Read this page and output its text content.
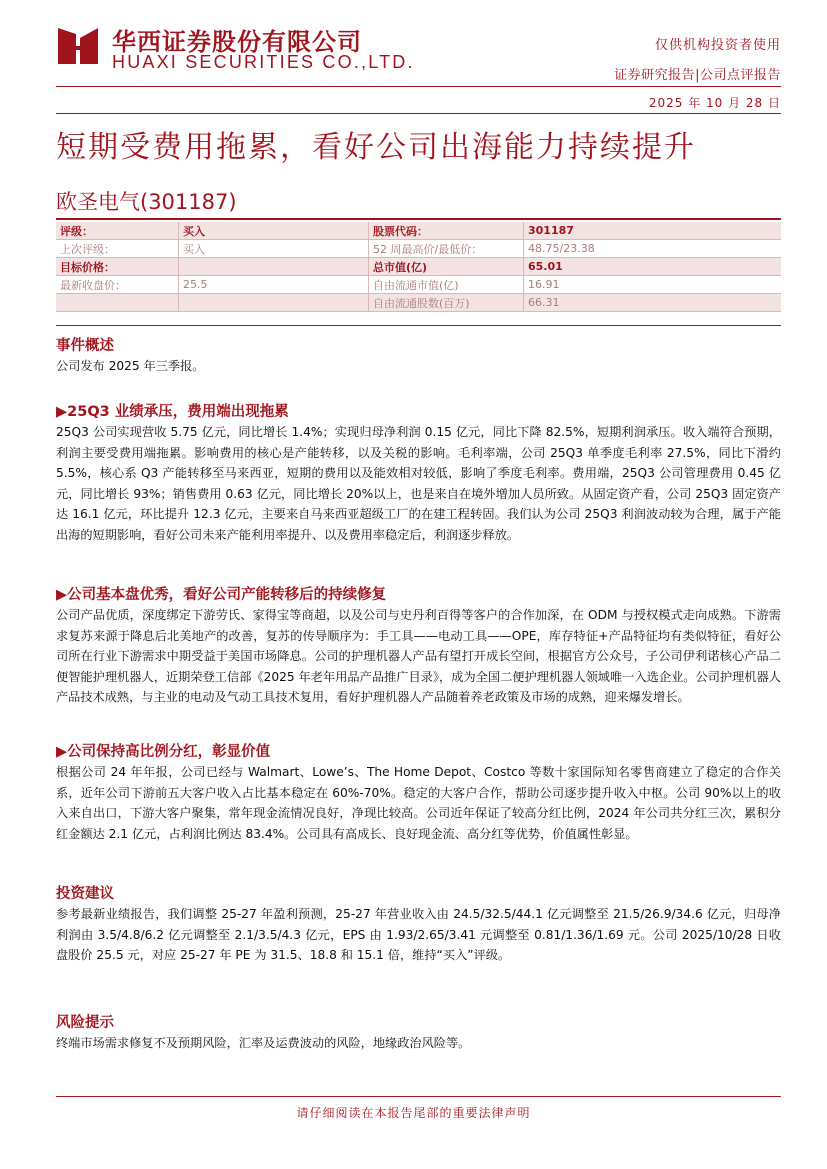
华西证券股份有限公司
HUAXI SECURITIES CO.,LTD.
仅供机构投资者使用
证券研究报告|公司点评报告
2025 年 10 月 28 日
短期受费用拖累，看好公司出海能力持续提升
欧圣电气(301187)
评级：	买入	股票代码：	301187
上次评级：	买入	52 周最高价/最低价：	48.75/23.38
目标价格：		总市值(亿)	65.01
最新收盘价：	25.5	自由流通市值(亿)	16.91
		自由流通股数(百万)	66.31
事件概述

公司发布 2025 年三季报。

▶25Q3 业绩承压，费用端出现拖累

25Q3 公司实现营收 5.75 亿元，同比增长 1.4%；实现归母净利润 0.15 亿元，同比下降 82.5%，短期利润承压。收入端符合预期，利润主要受费用端拖累。影响费用的核心是产能转移，以及关税的影响。毛利率端，公司 25Q3 单季度毛利率 27.5%，同比下滑约 5.5%，核心系 Q3 产能转移至马来西亚，短期的费用以及能效相对较低，影响了季度毛利率。费用端，25Q3 公司管理费用 0.45 亿元，同比增长 93%；销售费用 0.63 亿元，同比增长 20%以上，也是来自在境外增加人员所致。从固定资产看，公司 25Q3 固定资产达 16.1 亿元，环比提升 12.3 亿元，主要来自马来西亚超级工厂的在建工程转固。我们认为公司 25Q3 利润波动较为合理，属于产能出海的短期影响，看好公司未来产能利用率提升、以及费用率稳定后，利润逐步释放。

▶公司基本盘优秀，看好公司产能转移后的持续修复

公司产品优质，深度绑定下游劳氏、家得宝等商超，以及公司与史丹利百得等客户的合作加深，在 ODM 与授权模式走向成熟。下游需求复苏来源于降息后北美地产的改善，复苏的传导顺序为：手工具——电动工具——OPE，库存特征+产品特征均有类似特征，看好公司所在行业下游需求中期受益于美国市场降息。公司的护理机器人产品有望打开成长空间，根据官方公众号，子公司伊利诺核心产品二便智能护理机器人，近期荣登工信部《2025 年老年用品产品推广目录》，成为全国二便护理机器人领域唯一入选企业。公司护理机器人产品技术成熟，与主业的电动及气动工具技术复用，看好护理机器人产品随着养老政策及市场的成熟，迎来爆发增长。

▶公司保持高比例分红，彰显价值

根据公司 24 年年报，公司已经与 Walmart、Lowe’s、The Home Depot、Costco 等数十家国际知名零售商建立了稳定的合作关系，近年公司下游前五大客户收入占比基本稳定在 60%-70%。稳定的大客户合作，帮助公司逐步提升收入中枢。公司 90%以上的收入来自出口，下游大客户聚集，常年现金流情况良好，净现比较高。公司近年保证了较高分红比例，2024 年公司共分红三次，累积分红金额达 2.1 亿元，占利润比例达 83.4%。公司具有高成长、良好现金流、高分红等优势，价值属性彰显。

投资建议

参考最新业绩报告，我们调整 25-27 年盈利预测，25-27 年营业收入由 24.5/32.5/44.1 亿元调整至 21.5/26.9/34.6 亿元，归母净利润由 3.5/4.8/6.2 亿元调整至 2.1/3.5/4.3 亿元，EPS 由 1.93/2.65/3.41 元调整至 0.81/1.36/1.69 元。公司 2025/10/28 日收盘股价 25.5 元，对应 25-27 年 PE 为 31.5、18.8 和 15.1 倍，维持“买入”评级。

风险提示

终端市场需求修复不及预期风险，汇率及运费波动的风险，地缘政治风险等。

请仔细阅读在本报告尾部的重要法律声明
